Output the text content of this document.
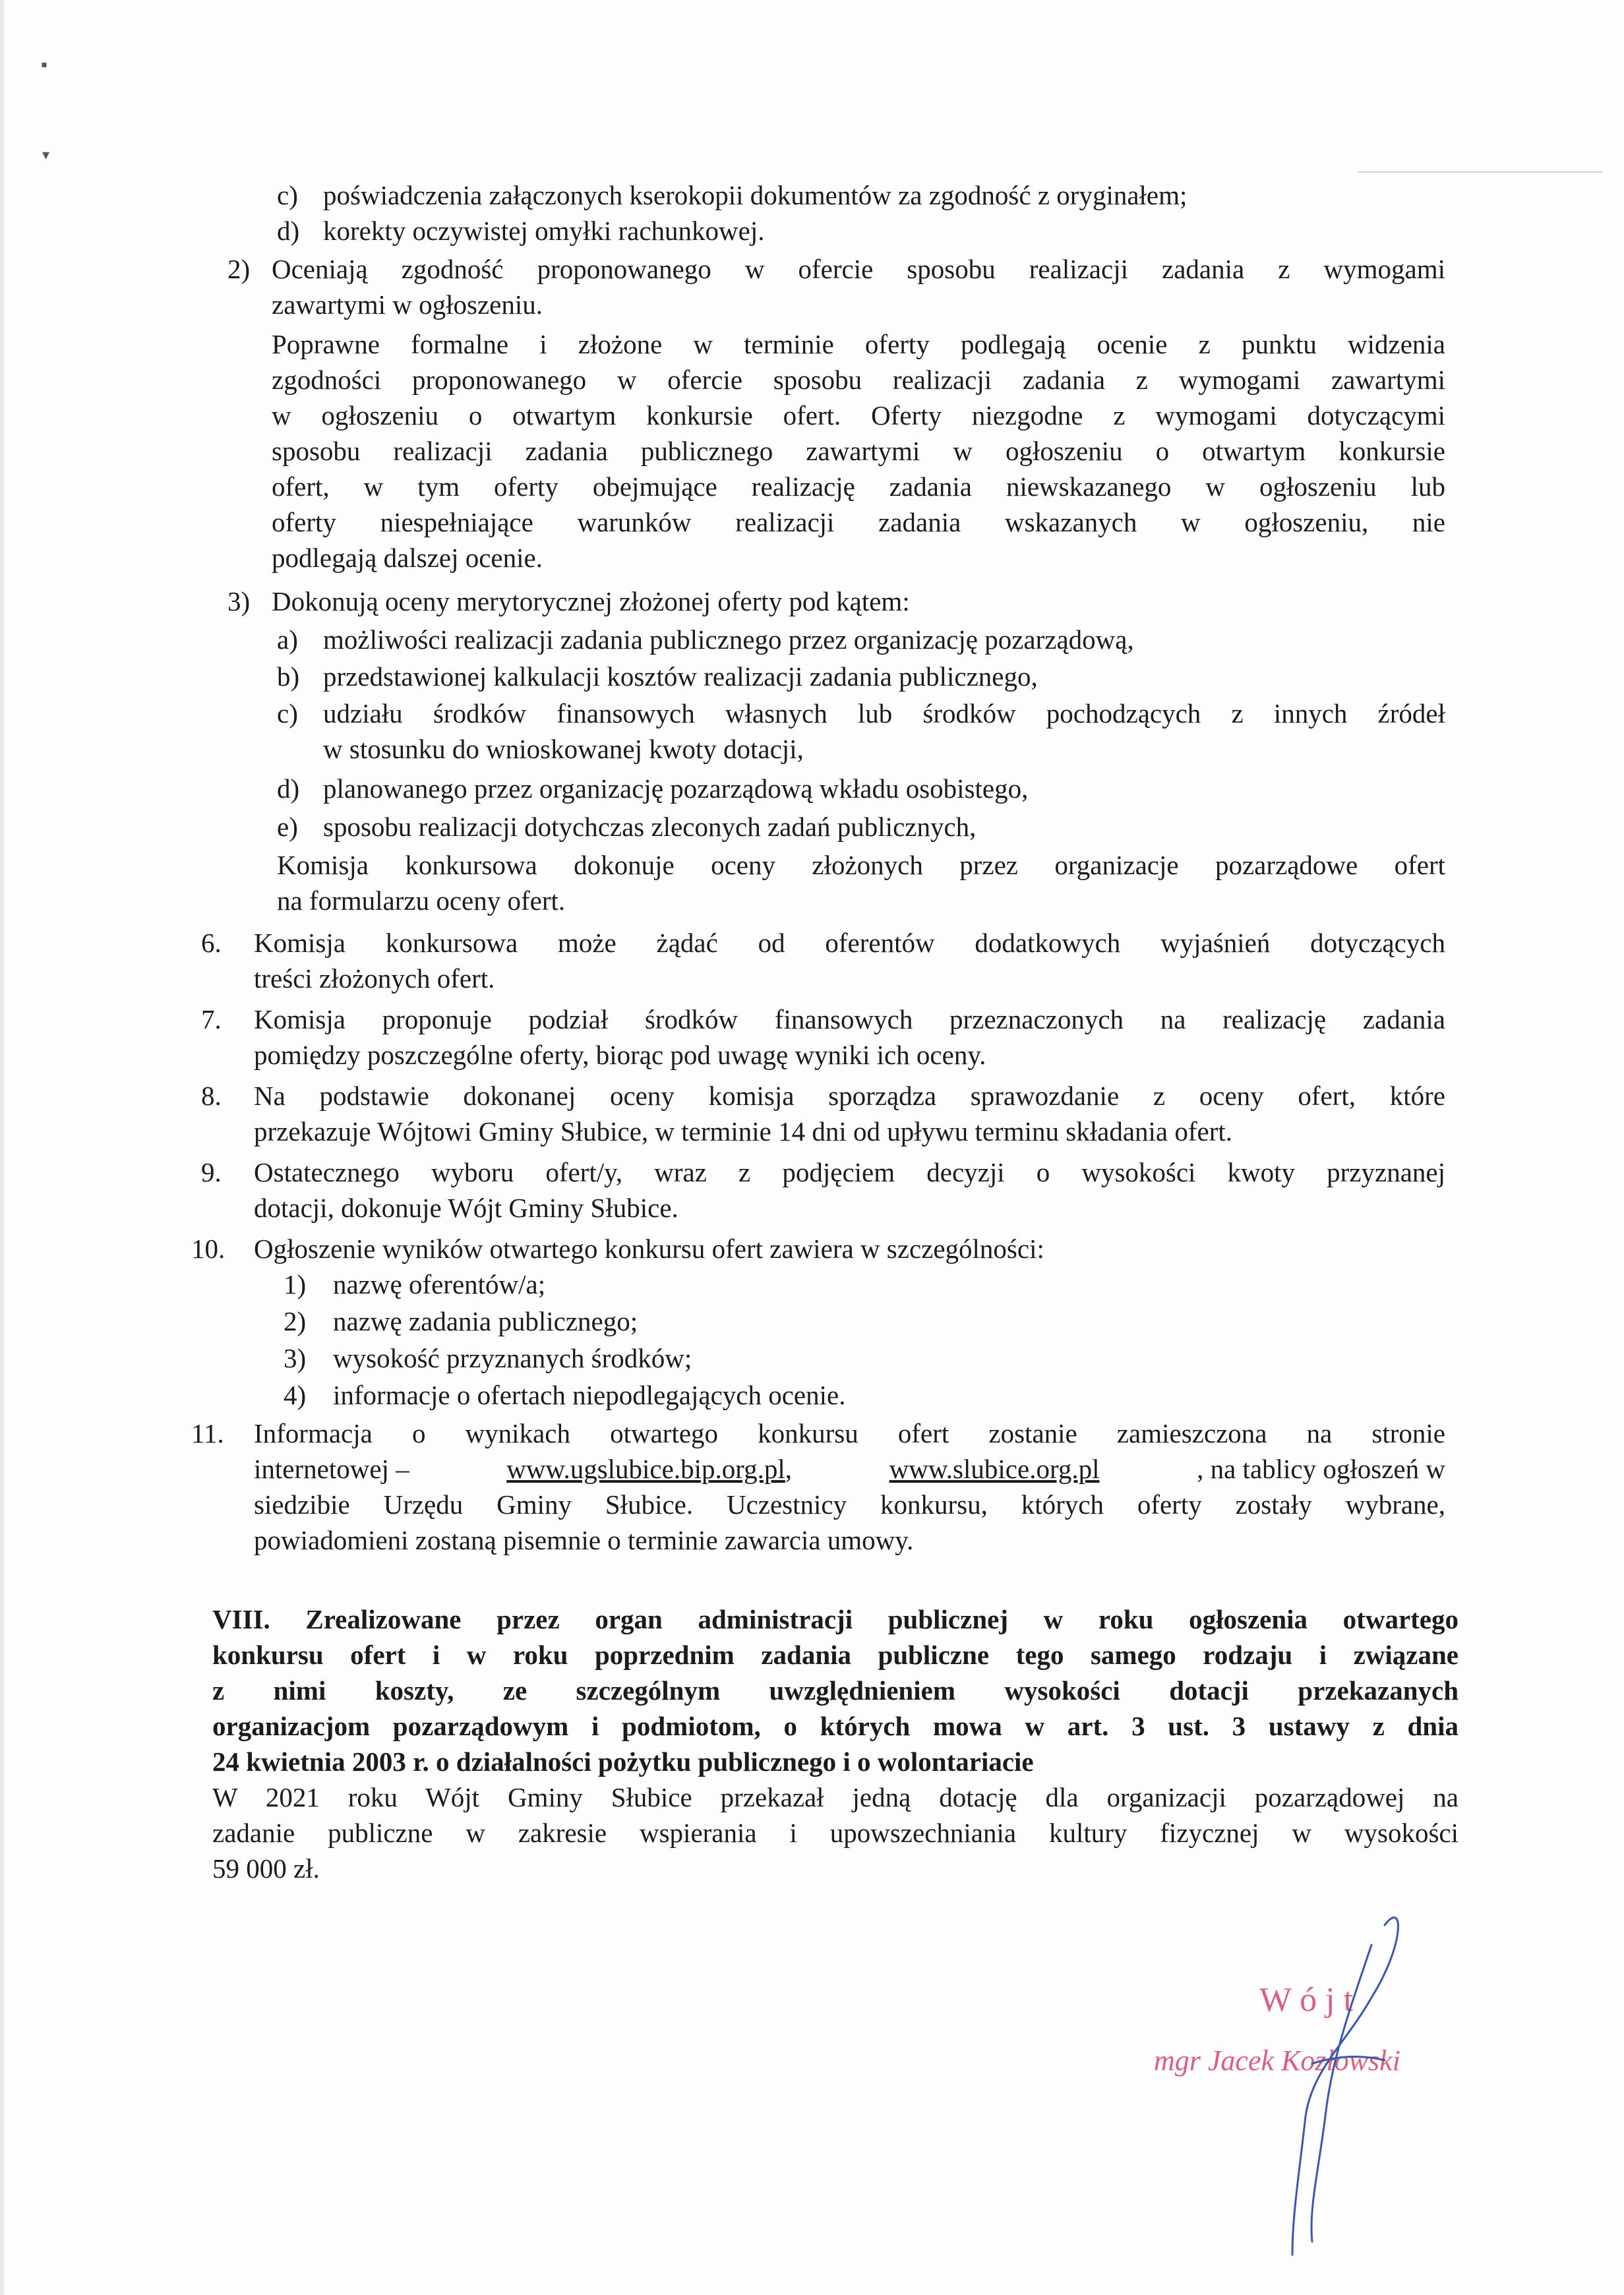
▪
▾
c) poświadczenia załączonych kserokopii dokumentów za zgodność z oryginałem;
d) korekty oczywistej omyłki rachunkowej.
2) Oceniają zgodność proponowanego w ofercie sposobu realizacji zadania z wymogami
zawartymi w ogłoszeniu.
Poprawne formalne i złożone w terminie oferty podlegają ocenie z punktu widzenia
zgodności proponowanego w ofercie sposobu realizacji zadania z wymogami zawartymi
w ogłoszeniu o otwartym konkursie ofert. Oferty niezgodne z wymogami dotyczącymi
sposobu realizacji zadania publicznego zawartymi w ogłoszeniu o otwartym konkursie
ofert, w tym oferty obejmujące realizację zadania niewskazanego w ogłoszeniu lub
oferty niespełniające warunków realizacji zadania wskazanych w ogłoszeniu, nie
podlegają dalszej ocenie.
3) Dokonują oceny merytorycznej złożonej oferty pod kątem:
a) możliwości realizacji zadania publicznego przez organizację pozarządową,
b) przedstawionej kalkulacji kosztów realizacji zadania publicznego,
c) udziału środków finansowych własnych lub środków pochodzących z innych źródeł
w stosunku do wnioskowanej kwoty dotacji,
d) planowanego przez organizację pozarządową wkładu osobistego,
e) sposobu realizacji dotychczas zleconych zadań publicznych,
Komisja konkursowa dokonuje oceny złożonych przez organizacje pozarządowe ofert
na formularzu oceny ofert.
6. Komisja konkursowa może żądać od oferentów dodatkowych wyjaśnień dotyczących
treści złożonych ofert.
7. Komisja proponuje podział środków finansowych przeznaczonych na realizację zadania
pomiędzy poszczególne oferty, biorąc pod uwagę wyniki ich oceny.
8. Na podstawie dokonanej oceny komisja sporządza sprawozdanie z oceny ofert, które
przekazuje Wójtowi Gminy Słubice, w terminie 14 dni od upływu terminu składania ofert.
9. Ostatecznego wyboru ofert/y, wraz z podjęciem decyzji o wysokości kwoty przyznanej
dotacji, dokonuje Wójt Gminy Słubice.
10. Ogłoszenie wyników otwartego konkursu ofert zawiera w szczególności:
1) nazwę oferentów/a;
2) nazwę zadania publicznego;
3) wysokość przyznanych środków;
4) informacje o ofertach niepodlegających ocenie.
11. Informacja o wynikach otwartego konkursu ofert zostanie zamieszczona na stronie
internetowej –	www.ugslubice.bip.org.pl,	www.slubice.org.pl	, na tablicy ogłoszeń w
siedzibie Urzędu Gminy Słubice. Uczestnicy konkursu, których oferty zostały wybrane,
powiadomieni zostaną pisemnie o terminie zawarcia umowy.
VIII. Zrealizowane przez organ administracji publicznej w roku ogłoszenia otwartego
konkursu ofert i w roku poprzednim zadania publiczne tego samego rodzaju i związane
z nimi koszty, ze szczególnym uwzględnieniem wysokości dotacji przekazanych
organizacjom pozarządowym i podmiotom, o których mowa w art. 3 ust. 3 ustawy z dnia
24 kwietnia 2003 r. o działalności pożytku publicznego i o wolontariacie
W 2021 roku Wójt Gminy Słubice przekazał jedną dotację dla organizacji pozarządowej na
zadanie publiczne w zakresie wspierania i upowszechniania kultury fizycznej w wysokości
59 000 zł.
W ó j t
mgr Jacek Kozłowski
